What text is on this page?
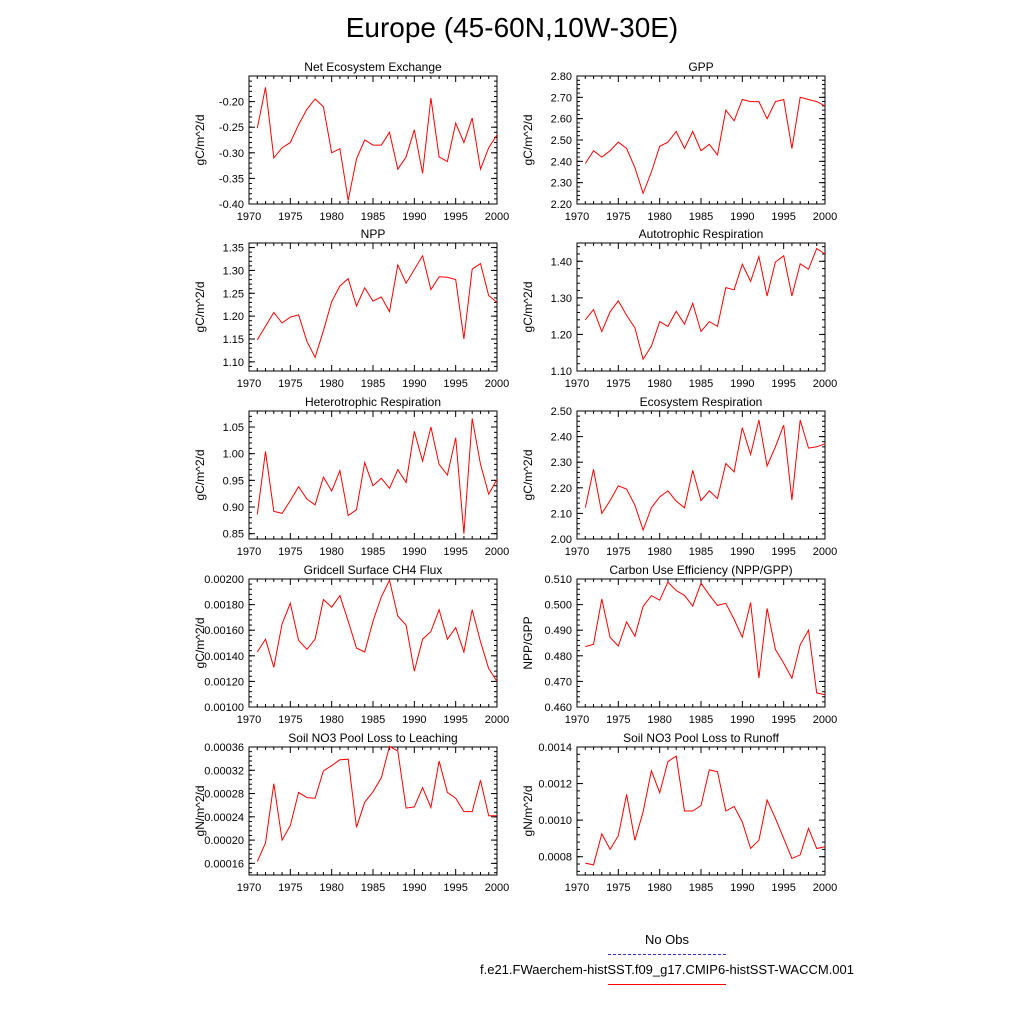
Europe (45-60N,10W-30E)
Net Ecosystem Exchange
gC/m^2/d
1970 1975 1980 1985 1990 1995 2000
-0.40
-0.35
-0.30
-0.25
-0.20
GPP
gC/m^2/d
1970 1975 1980 1985 1990 1995 2000
2.20
2.30
2.40
2.50
2.60
2.70
2.80
NPP
gC/m^2/d
1970 1975 1980 1985 1990 1995 2000
1.10
1.15
1.20
1.25
1.30
1.35
Autotrophic Respiration
gC/m^2/d
1970 1975 1980 1985 1990 1995 2000
1.10
1.20
1.30
1.40
Heterotrophic Respiration
gC/m^2/d
1970 1975 1980 1985 1990 1995 2000
0.85
0.90
0.95
1.00
1.05
Ecosystem Respiration
gC/m^2/d
1970 1975 1980 1985 1990 1995 2000
2.00
2.10
2.20
2.30
2.40
2.50
Gridcell Surface CH4 Flux
gC/m^2/d
1970 1975 1980 1985 1990 1995 2000
0.00100
0.00120
0.00140
0.00160
0.00180
0.00200
Carbon Use Efficiency (NPP/GPP)
NPP/GPP
1970 1975 1980 1985 1990 1995 2000
0.460
0.470
0.480
0.490
0.500
0.510
Soil NO3 Pool Loss to Leaching
gN/m^2/d
1970 1975 1980 1985 1990 1995 2000
0.00016
0.00020
0.00024
0.00028
0.00032
0.00036
Soil NO3 Pool Loss to Runoff
gN/m^2/d
1970 1975 1980 1985 1990 1995 2000
0.0008
0.0010
0.0012
0.0014
No Obs
f.e21.FWaerchem-histSST.f09_g17.CMIP6-histSST-WACCM.001
